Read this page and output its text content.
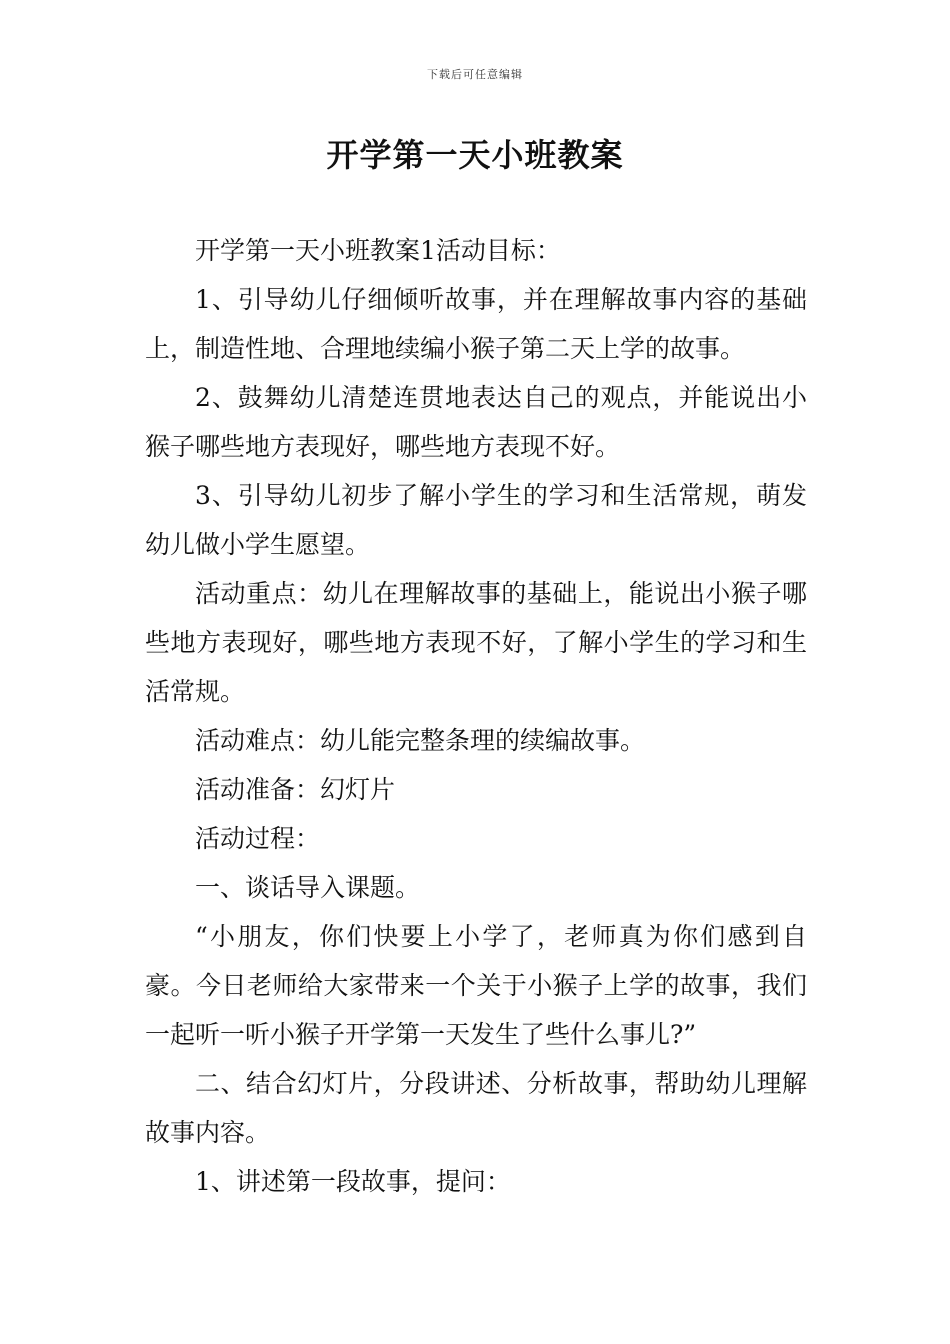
下载后可任意编辑
开学第一天小班教案

开学第一天小班教案1活动目标：

1、引导幼儿仔细倾听故事，并在理解故事内容的基础上，制造性地、合理地续编小猴子第二天上学的故事。

2、鼓舞幼儿清楚连贯地表达自己的观点，并能说出小猴子哪些地方表现好，哪些地方表现不好。

3、引导幼儿初步了解小学生的学习和生活常规，萌发幼儿做小学生愿望。

活动重点：幼儿在理解故事的基础上，能说出小猴子哪些地方表现好，哪些地方表现不好，了解小学生的学习和生活常规。

活动难点：幼儿能完整条理的续编故事。

活动准备：幻灯片

活动过程：

一、谈话导入课题。

“小朋友，你们快要上小学了，老师真为你们感到自豪。今日老师给大家带来一个关于小猴子上学的故事，我们一起听一听小猴子开学第一天发生了些什么事儿?”

二、结合幻灯片，分段讲述、分析故事，帮助幼儿理解故事内容。

1、讲述第一段故事，提问：
